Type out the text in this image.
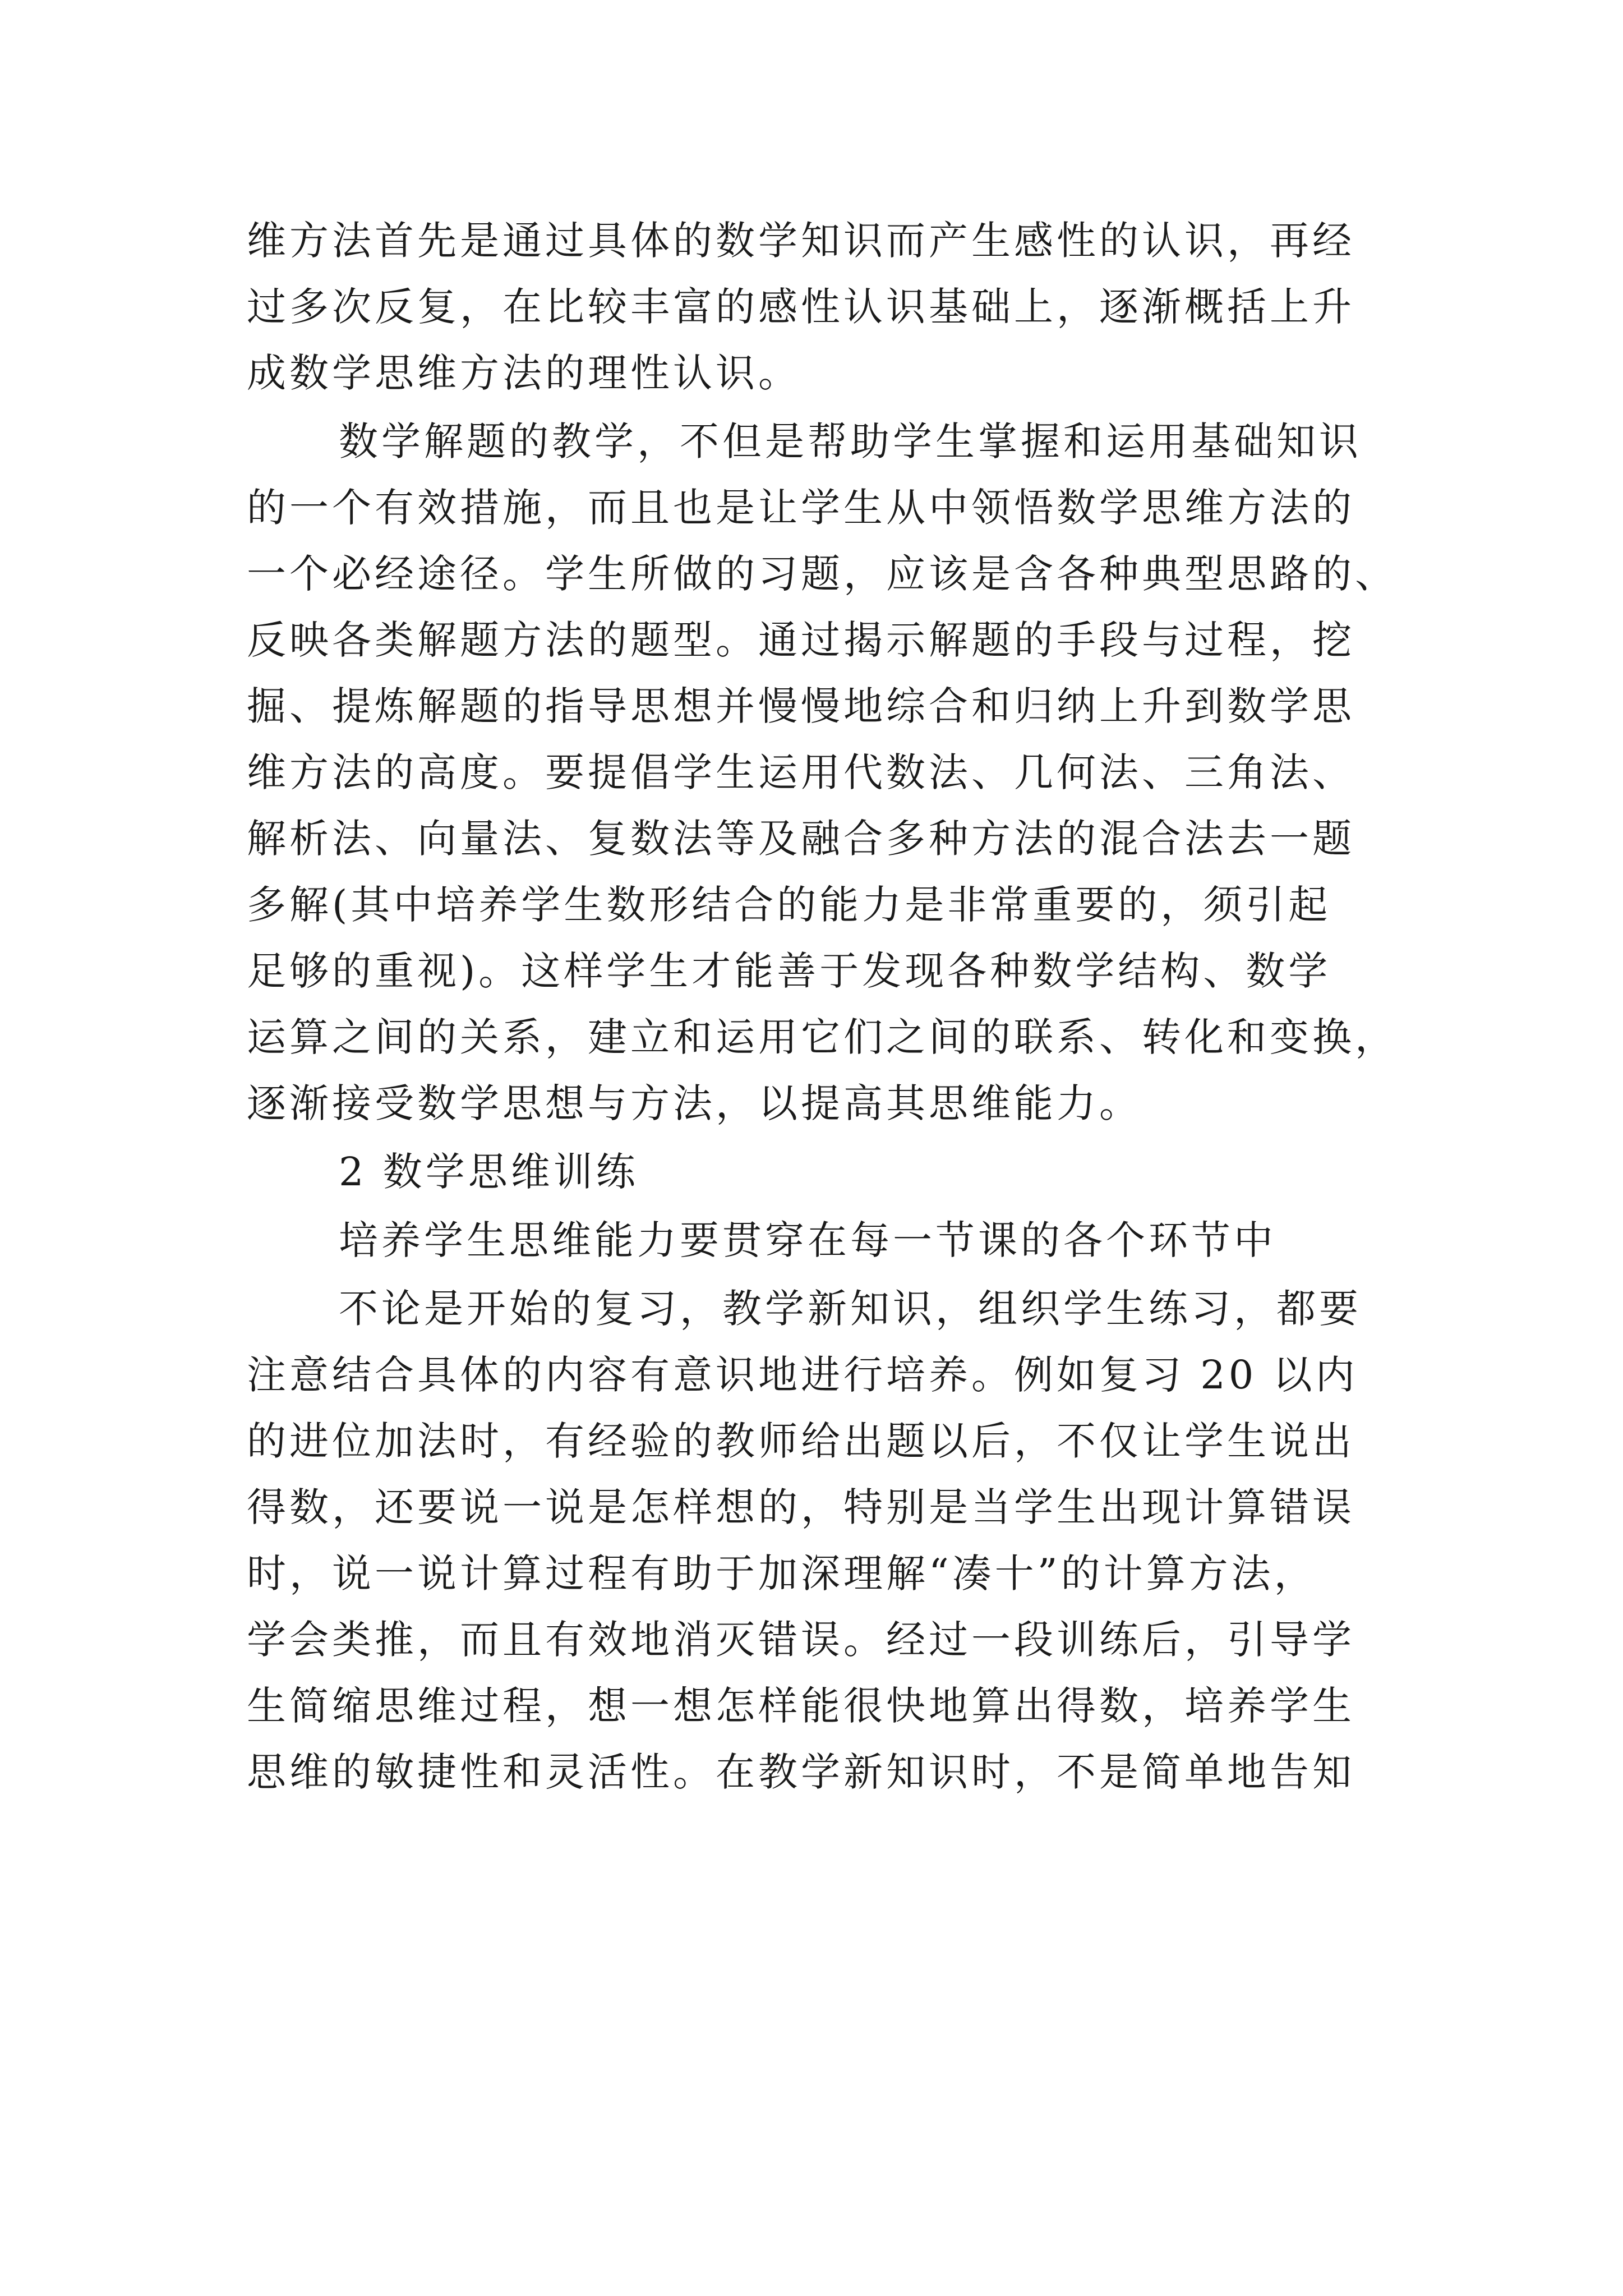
维方法首先是通过具体的数学知识而产生感性的认识，再经
过多次反复，在比较丰富的感性认识基础上，逐渐概括上升
成数学思维方法的理性认识。
数学解题的教学，不但是帮助学生掌握和运用基础知识
的一个有效措施，而且也是让学生从中领悟数学思维方法的
一个必经途径。学生所做的习题，应该是含各种典型思路的、
反映各类解题方法的题型。通过揭示解题的手段与过程，挖
掘、提炼解题的指导思想并慢慢地综合和归纳上升到数学思
维方法的高度。要提倡学生运用代数法、几何法、三角法、
解析法、向量法、复数法等及融合多种方法的混合法去一题
多解(其中培养学生数形结合的能力是非常重要的，须引起
足够的重视)。这样学生才能善于发现各种数学结构、数学
运算之间的关系，建立和运用它们之间的联系、转化和变换，
逐渐接受数学思想与方法，以提高其思维能力。
2 数学思维训练
培养学生思维能力要贯穿在每一节课的各个环节中
不论是开始的复习，教学新知识，组织学生练习，都要
注意结合具体的内容有意识地进行培养。例如复习 20 以内
的进位加法时，有经验的教师给出题以后，不仅让学生说出
得数，还要说一说是怎样想的，特别是当学生出现计算错误
时，说一说计算过程有助于加深理解“凑十”的计算方法，
学会类推，而且有效地消灭错误。经过一段训练后，引导学
生简缩思维过程，想一想怎样能很快地算出得数，培养学生
思维的敏捷性和灵活性。在教学新知识时，不是简单地告知
